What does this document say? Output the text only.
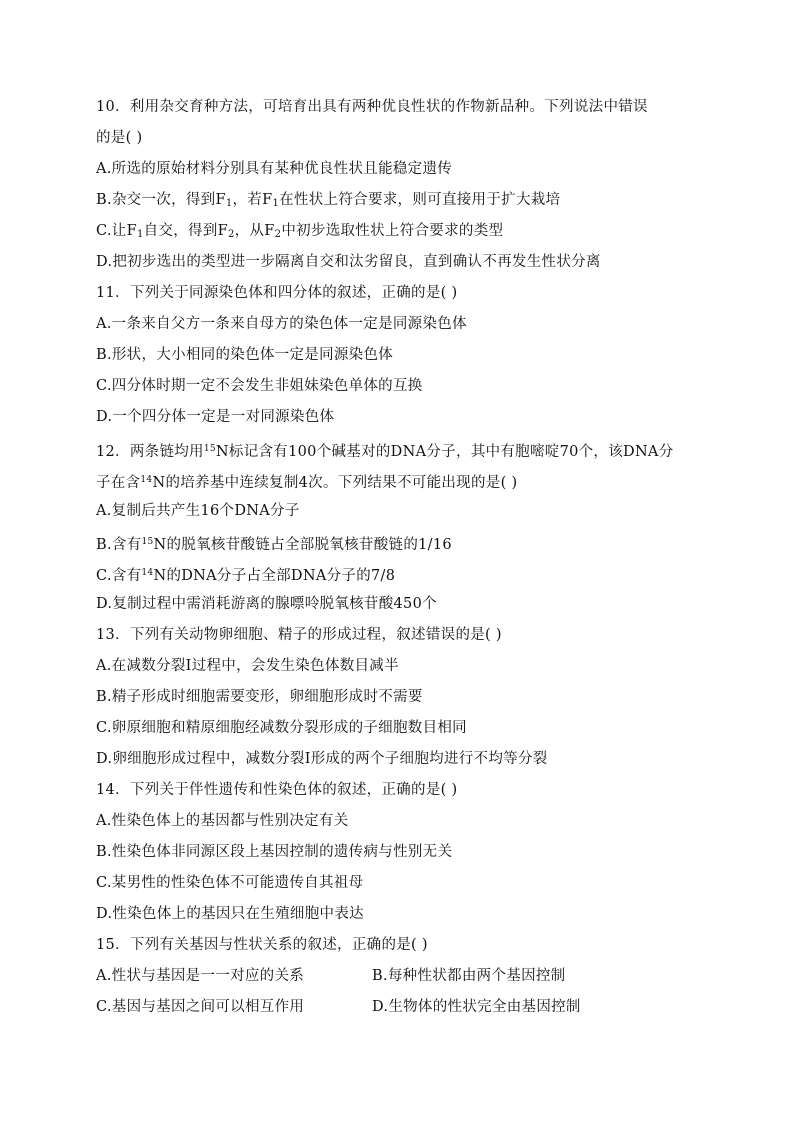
10．利用杂交育种方法，可培育出具有两种优良性状的作物新品种。下列说法中错误
的是( )
A.所选的原始材料分别具有某种优良性状且能稳定遗传
B.杂交一次，得到$F_1$，若$F_1$在性状上符合要求，则可直接用于扩大栽培
C.让$F_1$自交，得到$F_2$，从$F_2$中初步选取性状上符合要求的类型
D.把初步选出的类型进一步隔离自交和汰劣留良，直到确认不再发生性状分离
11．下列关于同源染色体和四分体的叙述，正确的是( )
A.一条来自父方一条来自母方的染色体一定是同源染色体
B.形状，大小相同的染色体一定是同源染色体
C.四分体时期一定不会发生非姐妹染色单体的互换
D.一个四分体一定是一对同源染色体
12．两条链均用$^{15}$N标记含有100个碱基对的DNA分子，其中有胞嘧啶70个，该DNA分
子在含$^{14}$N的培养基中连续复制4次。下列结果不可能出现的是( )
A.复制后共产生16个DNA分子
B.含有$^{15}$N的脱氧核苷酸链占全部脱氧核苷酸链的1/16
C.含有$^{14}$N的DNA分子占全部DNA分子的7/8
D.复制过程中需消耗游离的腺嘌呤脱氧核苷酸450个
13．下列有关动物卵细胞、精子的形成过程，叙述错误的是( )
A.在减数分裂Ⅰ过程中，会发生染色体数目减半
B.精子形成时细胞需要变形，卵细胞形成时不需要
C.卵原细胞和精原细胞经减数分裂形成的子细胞数目相同
D.卵细胞形成过程中，减数分裂Ⅰ形成的两个子细胞均进行不均等分裂
14．下列关于伴性遗传和性染色体的叙述，正确的是( )
A.性染色体上的基因都与性别决定有关
B.性染色体非同源区段上基因控制的遗传病与性别无关
C.某男性的性染色体不可能遗传自其祖母
D.性染色体上的基因只在生殖细胞中表达
15．下列有关基因与性状关系的叙述，正确的是( )
A.性状与基因是一一对应的关系	B.每种性状都由两个基因控制
C.基因与基因之间可以相互作用	D.生物体的性状完全由基因控制
